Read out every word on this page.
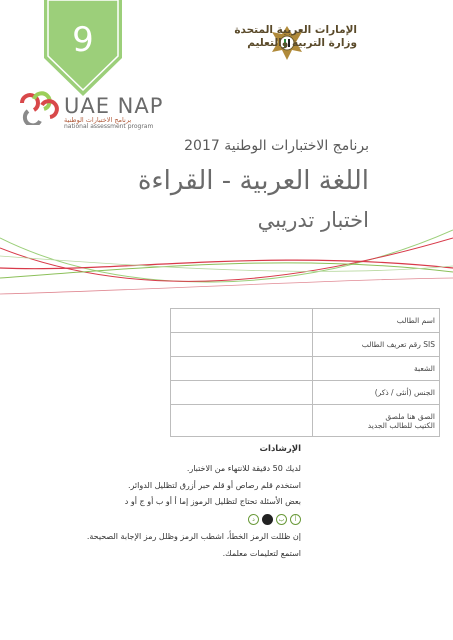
9	الإمارات العربية المتحدة
وزارة التربية والتعليم
UAE NAP
برنامج الاختبارات الوطنية
national assessment program
برنامج الاختبارات الوطنية 2017
اللغة العربية - القراءة
اختبار تدريبي
اسم الطالب	
SIS رقم تعريف الطالب	
الشعبة	
الجنس (أنثى / ذكر)	

الصق هنا ملصق
الكتيب للطالب الجديد	

الإرشادات
لديك 50 دقيقة للانتهاء من الاختبار.
استخدم قلم رصاص أو قلم حبر أزرق لتظليل الدوائر.
بعض الأسئلة تحتاج لتظليل الرموز إما أ أو ب أو ج أو د
د	ب	أ
إن ظللت الرمز الخطأ، اشطب الرمز وظلل رمز الإجابة الصحيحة.
استمع لتعليمات معلمك.
